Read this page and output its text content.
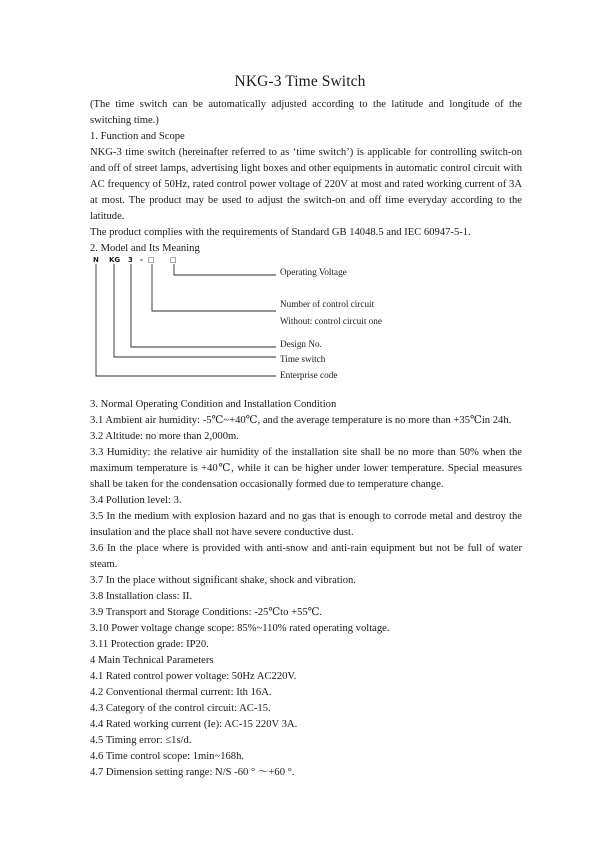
NKG-3 Time Switch

(The time switch can be automatically adjusted according to the latitude and longitude of the switching time.)

1. Function and Scope

NKG-3 time switch (hereinafter referred to as ‘time switch’) is applicable for controlling switch-on and off of street lamps, advertising light boxes and other equipments in automatic control circuit with AC frequency of 50Hz, rated control power voltage of 220V at most and rated working current of 3A at most. The product may be used to adjust the switch-on and off time everyday according to the latitude.

The product complies with the requirements of Standard GB 14048.5 and IEC 60947-5-1.

2. Model and Its Meaning

N KG 3 - □ □
Operating Voltage
Number of control circuit
Without: control circuit one
Design No.
Time switch
Enterprise code

3. Normal Operating Condition and Installation Condition

3.1 Ambient air humidity: -5℃~+40℃, and the average temperature is no more than +35℃in 24h.

3.2 Altitude: no more than 2,000m.

3.3 Humidity: the relative air humidity of the installation site shall be no more than 50% when the maximum temperature is +40℃, while it can be higher under lower temperature. Special measures shall be taken for the condensation occasionally formed due to temperature change.

3.4 Pollution level: 3.

3.5 In the medium with explosion hazard and no gas that is enough to corrode metal and destroy the insulation and the place shall not have severe conductive dust.

3.6 In the place where is provided with anti-snow and anti-rain equipment but not be full of water steam.

3.7 In the place without significant shake, shock and vibration.

3.8 Installation class: II.

3.9 Transport and Storage Conditions: -25℃to +55℃.

3.10 Power voltage change scope: 85%~110% rated operating voltage.

3.11 Protection grade: IP20.

4 Main Technical Parameters

4.1 Rated control power voltage: 50Hz AC220V.

4.2 Conventional thermal current: Ith 16A.

4.3 Category of the control circuit: AC-15.

4.4 Rated working current (Ie): AC-15 220V 3A.

4.5 Timing error: ≤1s/d.

4.6 Time control scope: 1min~168h.

4.7 Dimension setting range: N/S -60 ° ～+60 °.
